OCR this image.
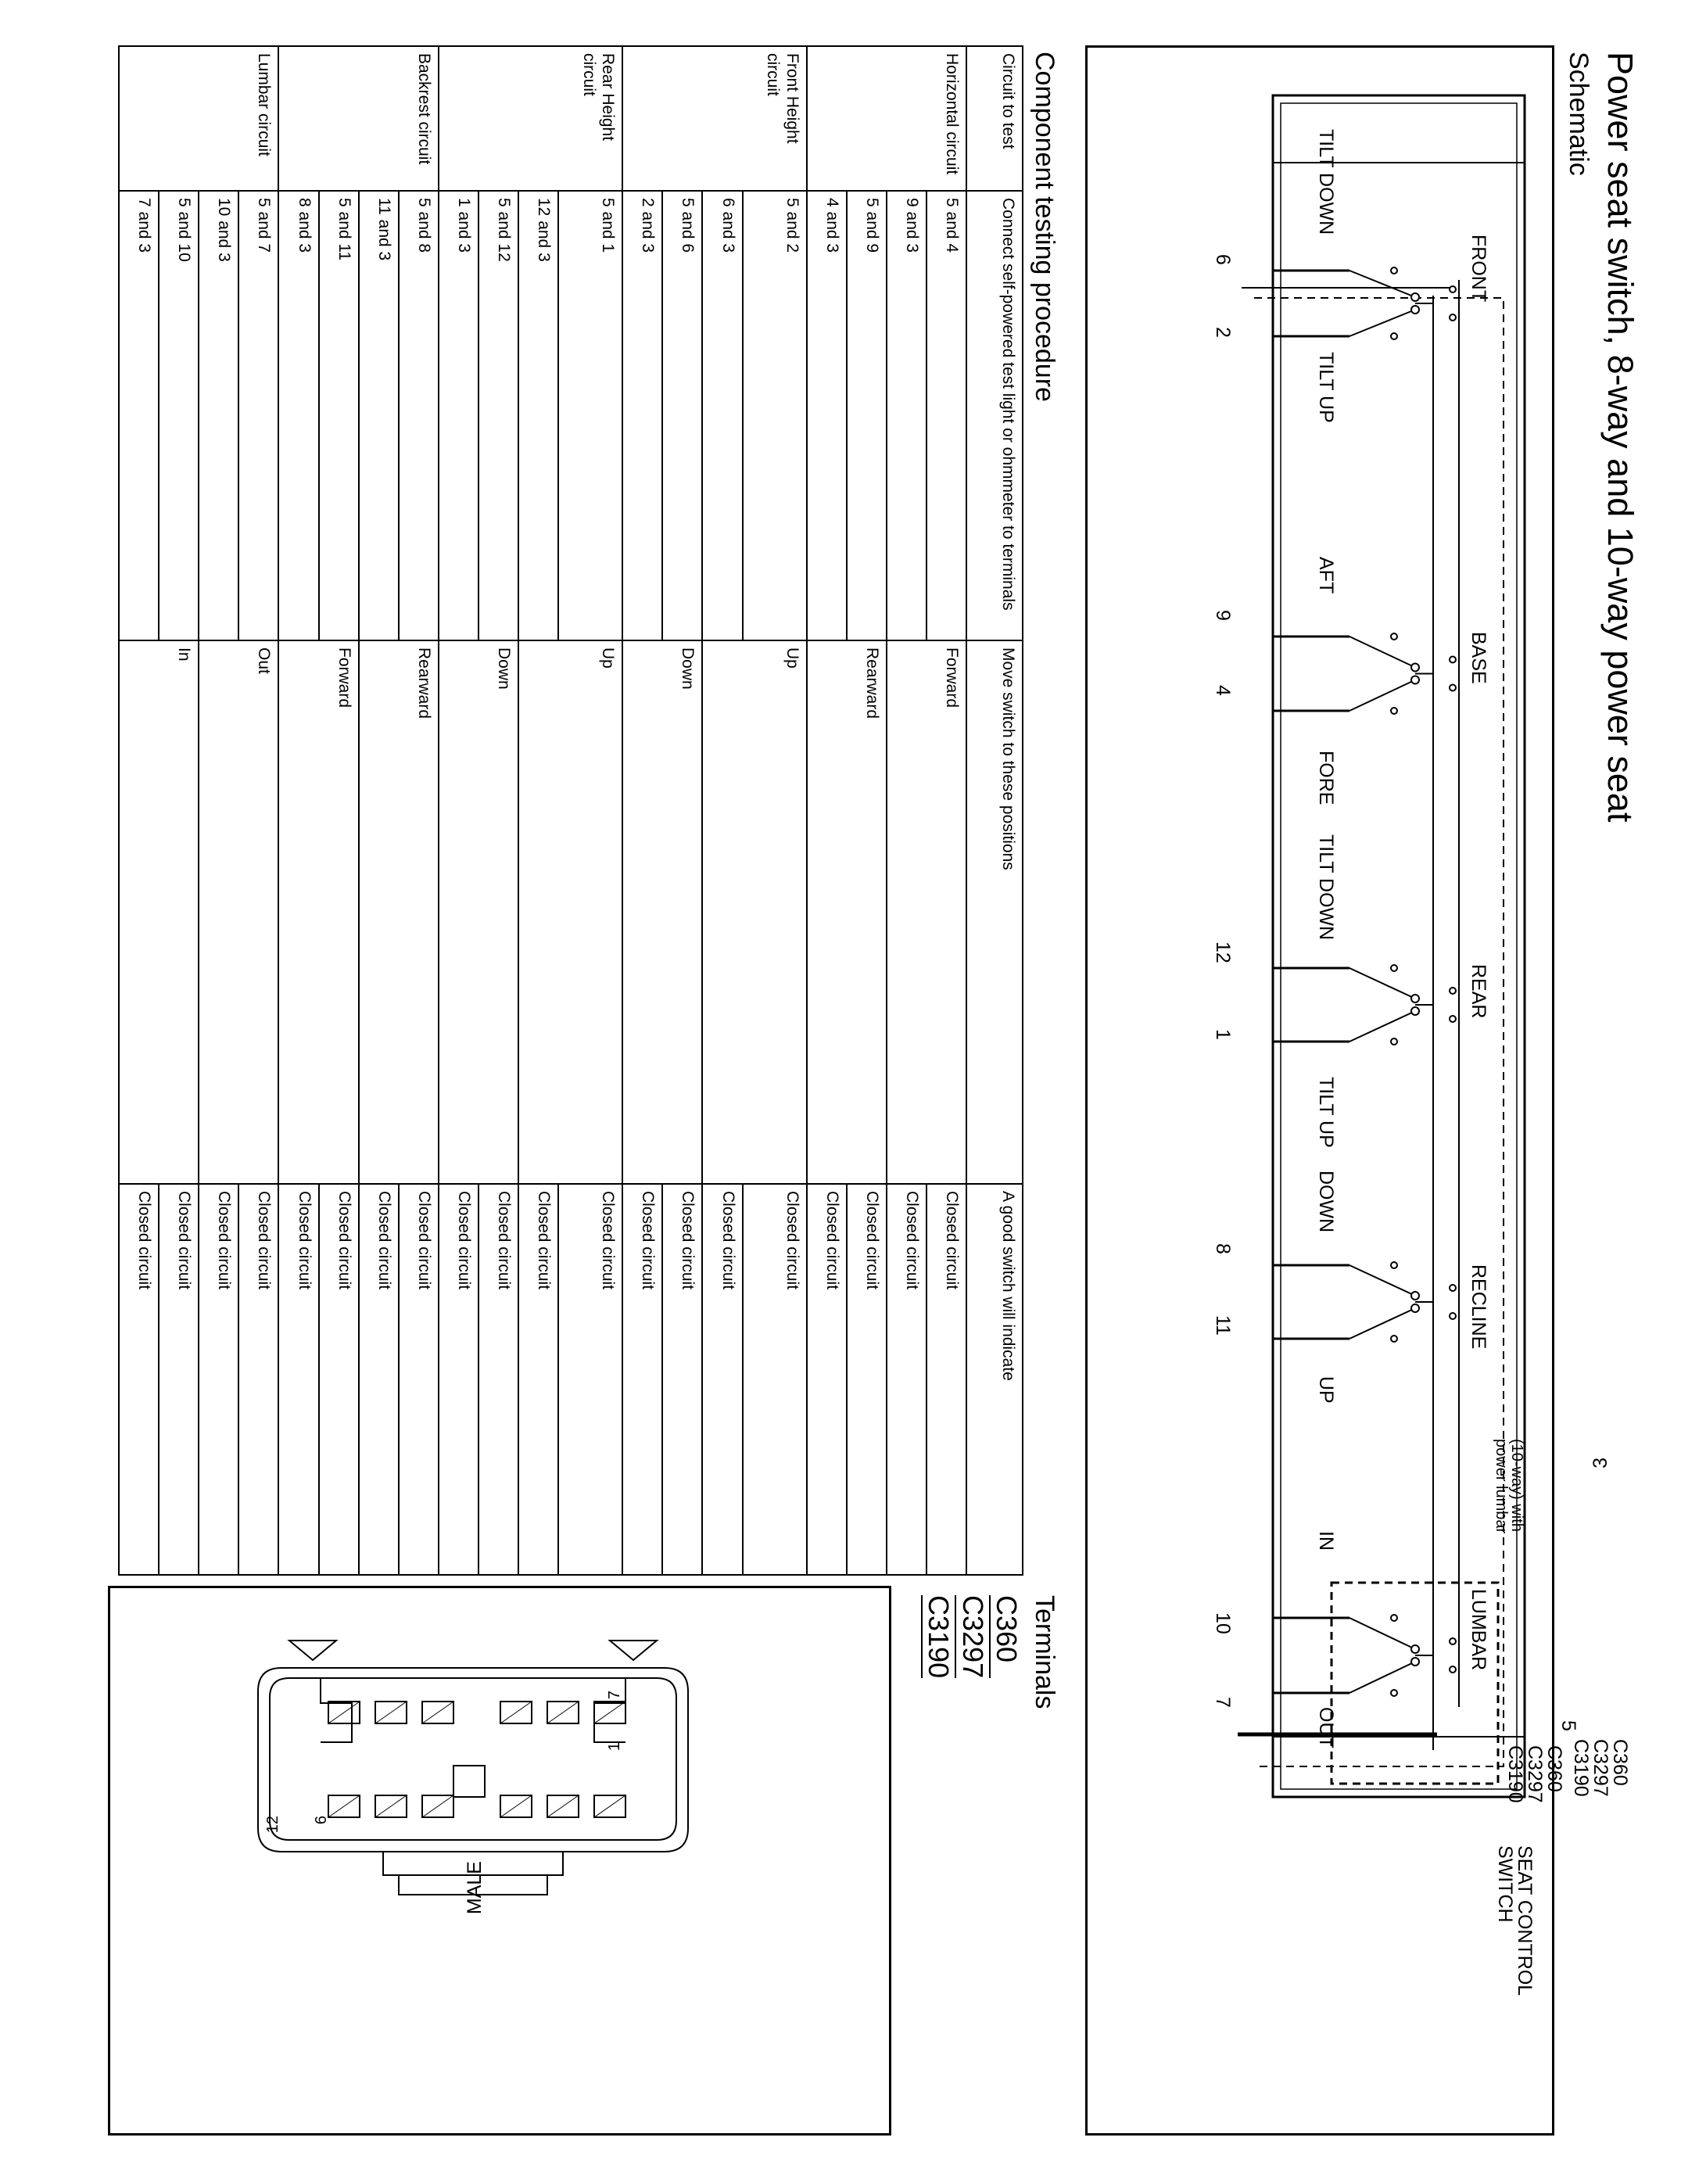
Power seat switch, 8-way and 10-way power seat
Schematic
3
C360
C3297
C3190
5
C360
C3297
C3190
SEAT CONTROL
SWITCH
(10-way) with
power lumbar
FRONT
TILT DOWN
TILT UP
6
2
BASE
AFT
FORE
9
4
REAR
TILT DOWN
TILT UP
12
1
RECLINE
DOWN
UP
8
11
LUMBAR
IN
OUT
10
7
Component testing procedure
Circuit to test	Connect self-powered test light or ohmmeter to terminals	Move switch to these positions	A good switch will indicate
Horizontal circuit	5 and 4	Forward	Closed circuit
	9 and 3		Closed circuit
	5 and 9	Rearward	Closed circuit
	4 and 3		Closed circuit
Front Height circuit	5 and 2	Up	Closed circuit
	6 and 3		Closed circuit
	5 and 6	Down	Closed circuit
	2 and 3		Closed circuit
Rear Height circuit	5 and 1	Up	Closed circuit
	12 and 3		Closed circuit
	5 and 12	Down	Closed circuit
	1 and 3		Closed circuit
Backrest circuit	5 and 8	Rearward	Closed circuit
	11 and 3		Closed circuit
	5 and 11	Forward	Closed circuit
	8 and 3		Closed circuit
Lumbar circuit	5 and 7	Out	Closed circuit
	10 and 3		Closed circuit
	5 and 10	In	Closed circuit
	7 and 3		Closed circuit
Terminals
C360
C3297
C3190
MALE
1
6
7
12
